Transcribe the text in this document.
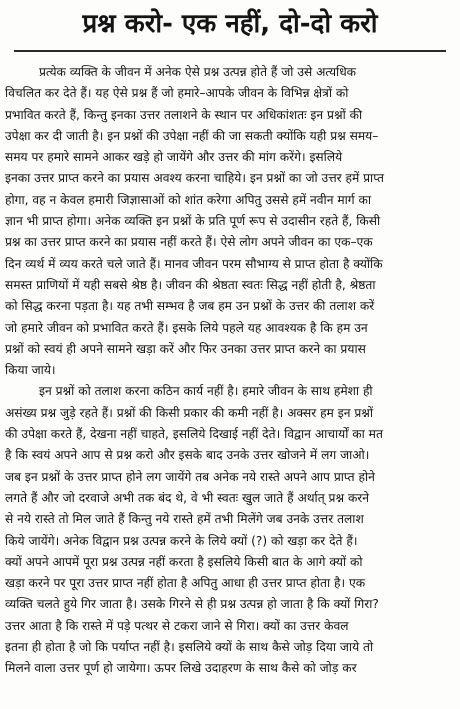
प्रश्न करो- एक नहीं, दो-दो करो
प्रत्येक व्यक्ति के जीवन में अनेक ऐसे प्रश्न उत्पन्न होते हैं जो उसे अत्यधिक
विचलित कर देते हैं। यह ऐसे प्रश्न हैं जो हमारे–आपके जीवन के विभिन्न क्षेत्रों को
प्रभावित करते हैं, किन्तु इनका उत्तर तलाशने के स्थान पर अधिकांशतः इन प्रश्नों की
उपेक्षा कर दी जाती है। इन प्रश्नों की उपेक्षा नहीं की जा सकती क्योंकि यही प्रश्न समय–
समय पर हमारे सामने आकर खड़े हो जायेंगे और उत्तर की मांग करेंगे। इसलिये
इनका उत्तर प्राप्त करने का प्रयास अवश्य करना चाहिये। इन प्रश्नों का जो उत्तर हमें प्राप्त
होगा, वह न केवल हमारी जिज्ञासाओं को शांत करेगा अपितु उससे हमें नवीन मार्ग का
ज्ञान भी प्राप्त होगा। अनेक व्यक्ति इन प्रश्नों के प्रति पूर्ण रूप से उदासीन रहते हैं, किसी
प्रश्न का उत्तर प्राप्त करने का प्रयास नहीं करते हैं। ऐसे लोग अपने जीवन का एक–एक
दिन व्यर्थ में व्यय करते चले जाते हैं। मानव जीवन परम सौभाग्य से प्राप्त होता है क्योंकि
समस्त प्राणियों में यही सबसे श्रेष्ठ है। जीवन की श्रेष्ठता स्वतः सिद्ध नहीं होती है, श्रेष्ठता
को सिद्ध करना पड़ता है। यह तभी सम्भव है जब हम उन प्रश्नों के उत्तर की तलाश करें
जो हमारे जीवन को प्रभावित करते हैं। इसके लिये पहले यह आवश्यक है कि हम उन
प्रश्नों को स्वयं ही अपने सामने खड़ा करें और फिर उनका उत्तर प्राप्त करने का प्रयास
किया जाये।
इन प्रश्नों को तलाश करना कठिन कार्य नहीं है। हमारे जीवन के साथ हमेशा ही
असंख्य प्रश्न जुड़े रहते हैं। प्रश्नों की किसी प्रकार की कमी नहीं है। अक्सर हम इन प्रश्नों
की उपेक्षा करते हैं, देखना नहीं चाहते, इसलिये दिखाई नहीं देते। विद्वान आचार्यों का मत
है कि स्वयं अपने आप से प्रश्न करो और इसके बाद उनके उत्तर खोजने में लग जाओ।
जब इन प्रश्नों के उत्तर प्राप्त होने लग जायेंगे तब अनेक नये रास्ते अपने आप प्राप्त होने
लगते हैं और जो दरवाजे अभी तक बंद थे, वे भी स्वतः खुल जाते हैं अर्थात् प्रश्न करने
से नये रास्ते तो मिल जाते हैं किन्तु नये रास्ते हमें तभी मिलेंगे जब उनके उत्तर तलाश
किये जायेंगे। अनेक विद्वान प्रश्न उत्पन्न करने के लिये क्यों (?) को खड़ा कर देते हैं।
क्यों अपने आपमें पूरा प्रश्न उत्पन्न नहीं करता है इसलिये किसी बात के आगे क्यों को
खड़ा करने पर पूरा उत्तर प्राप्त नहीं होता है अपितु आधा ही उत्तर प्राप्त होता है। एक
व्यक्ति चलते हुये गिर जाता है। उसके गिरने से ही प्रश्न उत्पन्न हो जाता है कि क्यों गिरा?
उत्तर आता है कि रास्ते में पड़े पत्थर से टकरा जाने से गिरा। क्यों का उत्तर केवल
इतना ही होता है जो कि पर्याप्त नहीं है। इसलिये क्यों के साथ कैसे जोड़ दिया जाये तो
मिलने वाला उत्तर पूर्ण हो जायेगा। ऊपर लिखे उदाहरण के साथ कैसे को जोड़ कर
